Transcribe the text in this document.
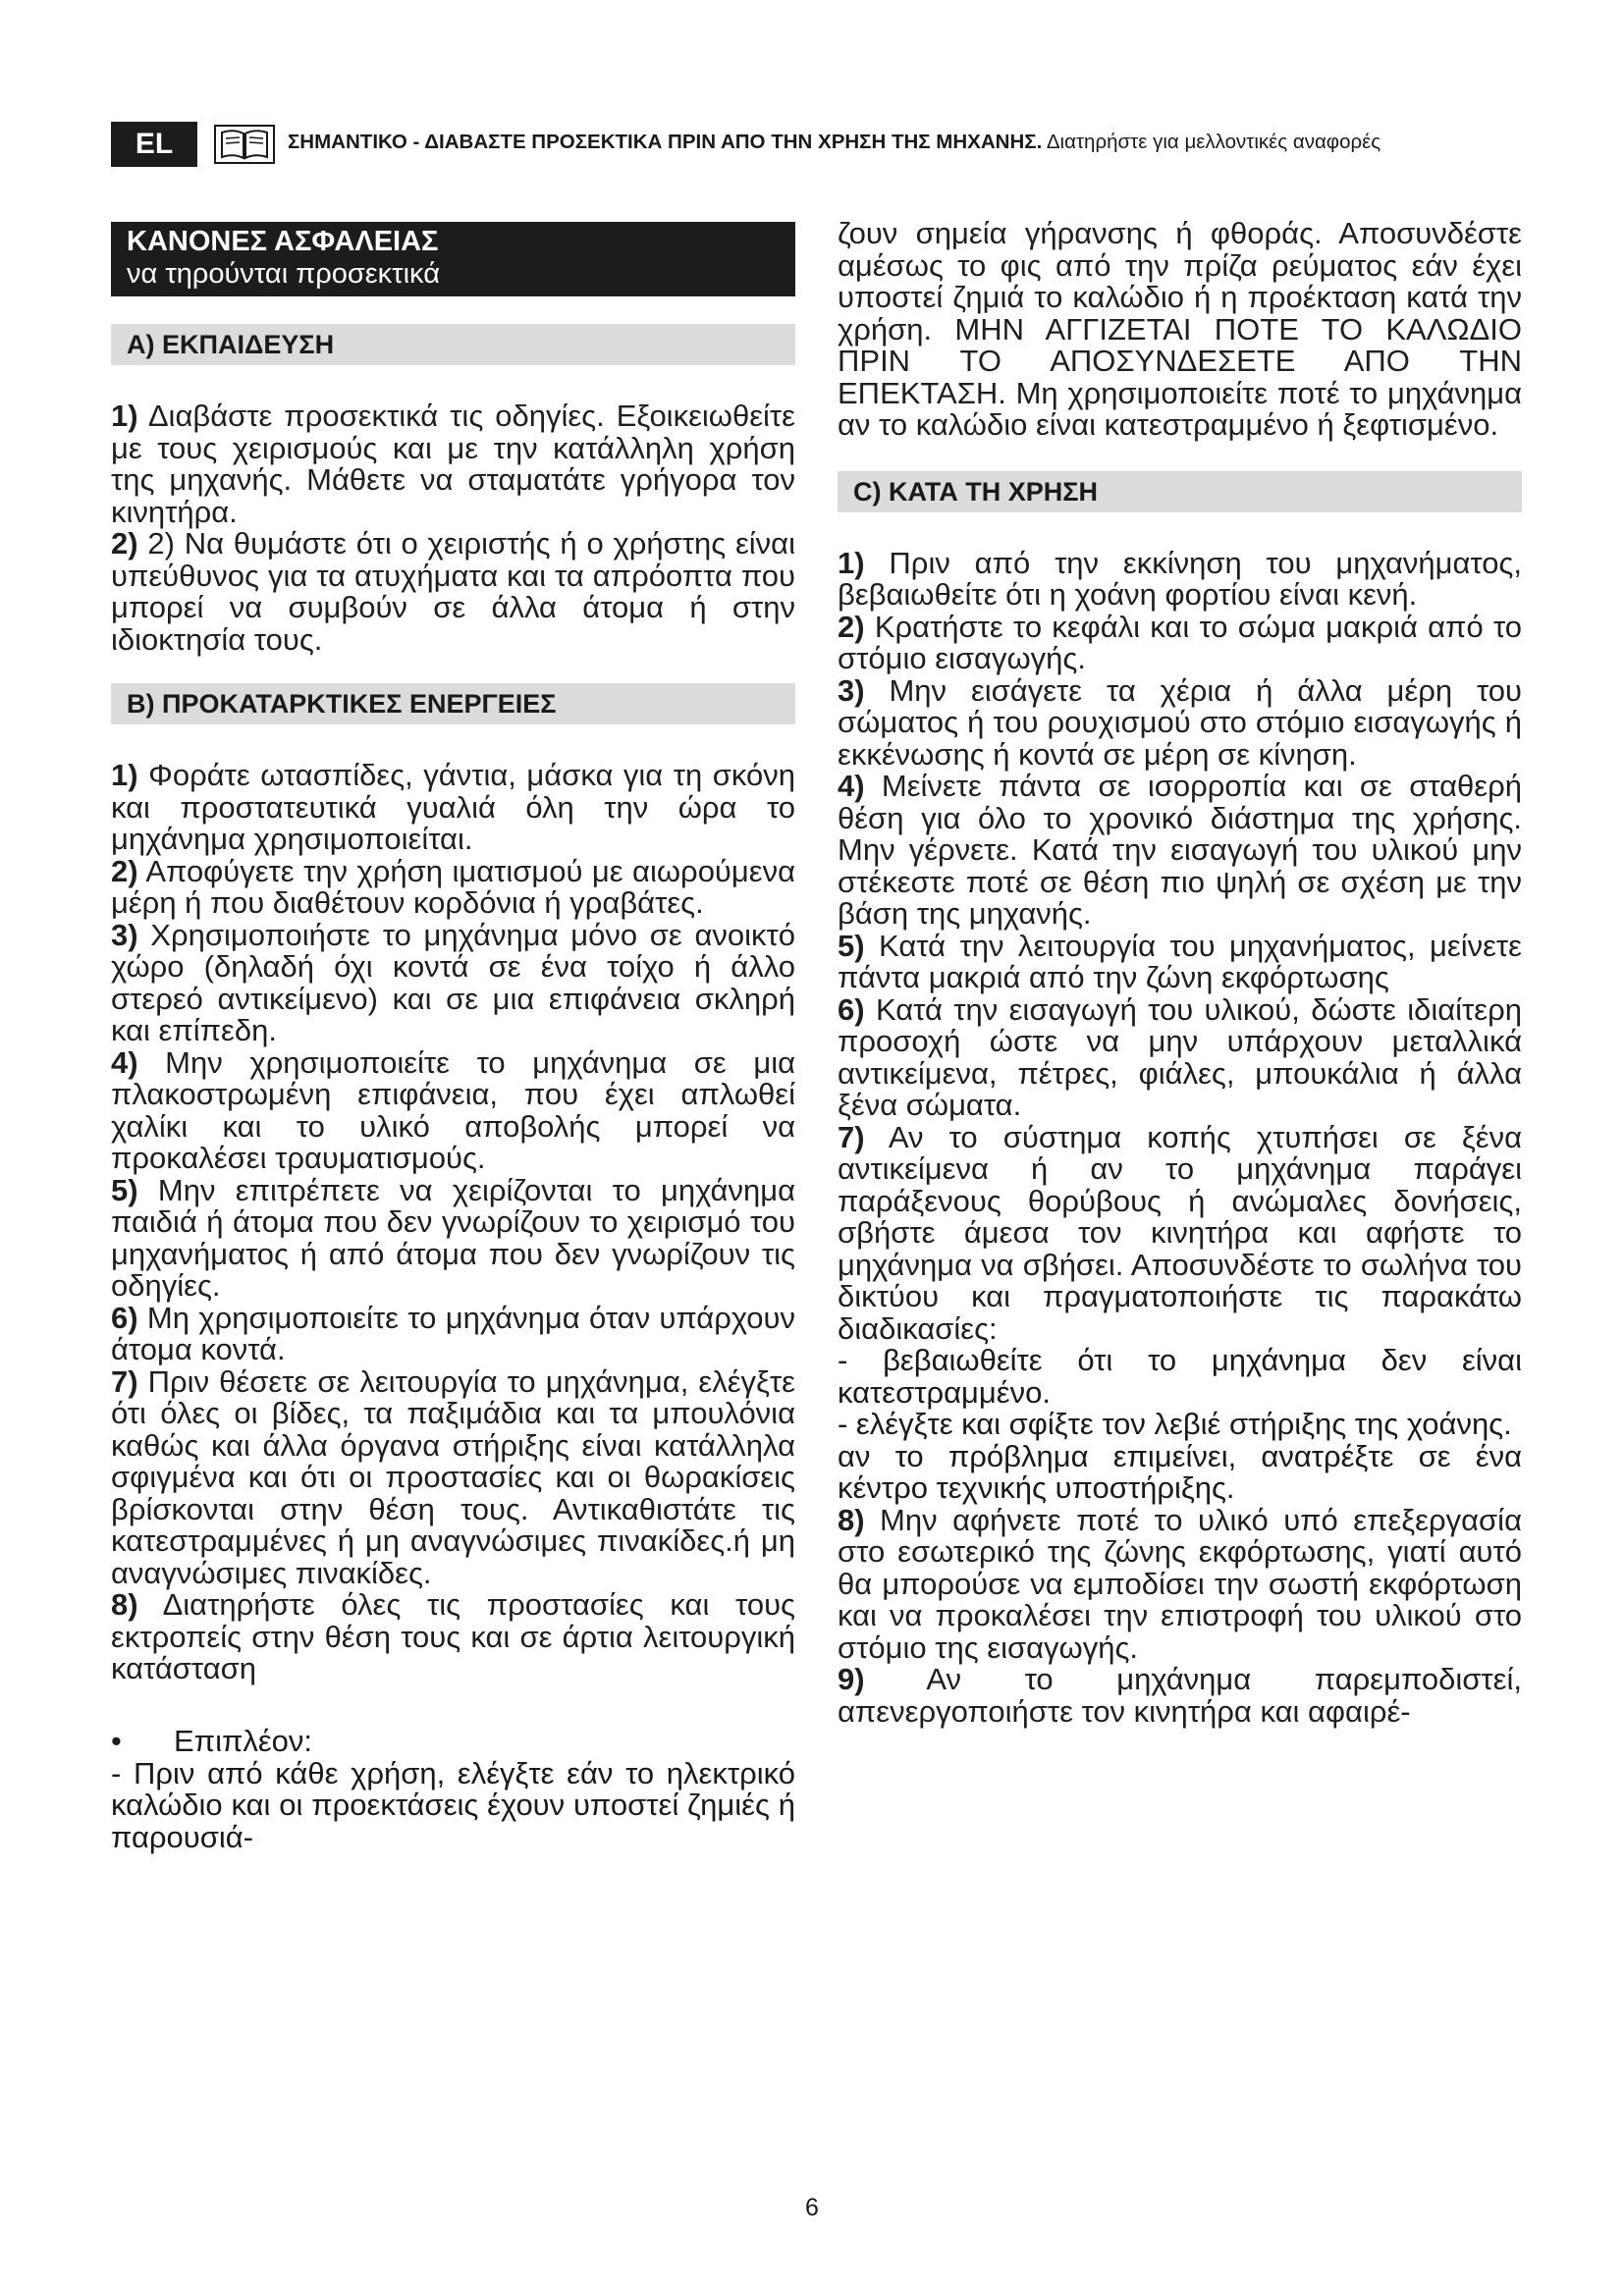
EL	ΣΗΜΑΝΤΙΚΟ - ΔΙΑΒΑΣΤΕ ΠΡΟΣΕΚΤΙΚΑ ΠΡΙΝ ΑΠΟ ΤΗΝ ΧΡΗΣΗ ΤΗΣ ΜΗΧΑΝΗΣ. Διατηρήστε για μελλοντικές αναφορές
ΚΑΝΟΝΕΣ ΑΣΦΑΛΕΙΑΣ
να τηρούνται προσεκτικά
A) ΕΚΠΑΙΔΕΥΣΗ

1) Διαβάστε προσεκτικά τις οδηγίες. Εξοικειωθείτε με τους χειρισμούς και με την κατάλληλη χρήση της μηχανής. Μάθετε να σταματάτε γρήγορα τον κινητήρα.

2) 2) Να θυμάστε ότι ο χειριστής ή ο χρήστης είναι υπεύθυνος για τα ατυχήματα και τα απρόοπτα που μπορεί να συμβούν σε άλλα άτομα ή στην ιδιοκτησία τους.

B) ΠΡΟΚΑΤΑΡΚΤΙΚΕΣ ΕΝΕΡΓΕΙΕΣ

1) Φοράτε ωτασπίδες, γάντια, μάσκα για τη σκόνη και προστατευτικά γυαλιά όλη την ώρα το μηχάνημα χρησιμοποιείται.

2) Αποφύγετε την χρήση ιματισμού με αιωρούμενα μέρη ή που διαθέτουν κορδόνια ή γραβάτες.

3) Χρησιμοποιήστε το μηχάνημα μόνο σε ανοικτό χώρο (δηλαδή όχι κοντά σε ένα τοίχο ή άλλο στερεό αντικείμενο) και σε μια επιφάνεια σκληρή και επίπεδη.

4) Μην χρησιμοποιείτε το μηχάνημα σε μια πλακοστρωμένη επιφάνεια, που έχει απλωθεί χαλίκι και το υλικό αποβολής μπορεί να προκαλέσει τραυματισμούς.

5) Μην επιτρέπετε να χειρίζονται το μηχάνημα παιδιά ή άτομα που δεν γνωρίζουν το χειρισμό του μηχανήματος ή από άτομα που δεν γνωρίζουν τις οδηγίες.

6) Μη χρησιμοποιείτε το μηχάνημα όταν υπάρχουν άτομα κοντά.

7) Πριν θέσετε σε λειτουργία το μηχάνημα, ελέγξτε ότι όλες οι βίδες, τα παξιμάδια και τα μπουλόνια καθώς και άλλα όργανα στήριξης είναι κατάλληλα σφιγμένα και ότι οι προστασίες και οι θωρακίσεις βρίσκονται στην θέση τους. Αντικαθιστάτε τις κατεστραμμένες ή μη αναγνώσιμες πινακίδες.ή μη αναγνώσιμες πινακίδες.

8) Διατηρήστε όλες τις προστασίες και τους εκτροπείς στην θέση τους και σε άρτια λειτουργική κατάσταση

• Επιπλέον:

- Πριν από κάθε χρήση, ελέγξτε εάν το ηλεκτρικό καλώδιο και οι προεκτάσεις έχουν υποστεί ζημιές ή παρουσιά-

ζουν σημεία γήρανσης ή φθοράς. Αποσυνδέστε αμέσως το φις από την πρίζα ρεύματος εάν έχει υποστεί ζημιά το καλώδιο ή η προέκταση κατά την χρήση. ΜΗΝ ΑΓΓΙΖΕΤΑΙ ΠΟΤΕ ΤΟ ΚΑΛΩΔΙΟ ΠΡΙΝ ΤΟ ΑΠΟΣΥΝΔΕΣΕΤΕ ΑΠΟ ΤΗΝ ΕΠΕΚΤΑΣΗ. Μη χρησιμοποιείτε ποτέ το μηχάνημα αν το καλώδιο είναι κατεστραμμένο ή ξεφτισμένο.

C) ΚΑΤΑ ΤΗ ΧΡΗΣΗ

1) Πριν από την εκκίνηση του μηχανήματος, βεβαιωθείτε ότι η χοάνη φορτίου είναι κενή.

2) Κρατήστε το κεφάλι και το σώμα μακριά από το στόμιο εισαγωγής.

3) Μην εισάγετε τα χέρια ή άλλα μέρη του σώματος ή του ρουχισμού στο στόμιο εισαγωγής ή εκκένωσης ή κοντά σε μέρη σε κίνηση.

4) Μείνετε πάντα σε ισορροπία και σε σταθερή θέση για όλο το χρονικό διάστημα της χρήσης. Μην γέρνετε. Κατά την εισαγωγή του υλικού μην στέκεστε ποτέ σε θέση πιο ψηλή σε σχέση με την βάση της μηχανής.

5) Κατά την λειτουργία του μηχανήματος, μείνετε πάντα μακριά από την ζώνη εκφόρτωσης

6) Κατά την εισαγωγή του υλικού, δώστε ιδιαίτερη προσοχή ώστε να μην υπάρχουν μεταλλικά αντικείμενα, πέτρες, φιάλες, μπουκάλια ή άλλα ξένα σώματα.

7) Αν το σύστημα κοπής χτυπήσει σε ξένα αντικείμενα ή αν το μηχάνημα παράγει παράξενους θορύβους ή ανώμαλες δονήσεις, σβήστε άμεσα τον κινητήρα και αφήστε το μηχάνημα να σβήσει. Αποσυνδέστε το σωλήνα του δικτύου και πραγματοποιήστε τις παρακάτω διαδικασίες:

- βεβαιωθείτε ότι το μηχάνημα δεν είναι κατεστραμμένο.

- ελέγξτε και σφίξτε τον λεβιέ στήριξης της χοάνης.

αν το πρόβλημα επιμείνει, ανατρέξτε σε ένα κέντρο τεχνικής υποστήριξης.

8) Μην αφήνετε ποτέ το υλικό υπό επεξεργασία στο εσωτερικό της ζώνης εκφόρτωσης, γιατί αυτό θα μπορούσε να εμποδίσει την σωστή εκφόρτωση και να προκαλέσει την επιστροφή του υλικού στο στόμιο της εισαγωγής.

9) Αν το μηχάνημα παρεμποδιστεί, απενεργοποιήστε τον κινητήρα και αφαιρέ-

6
